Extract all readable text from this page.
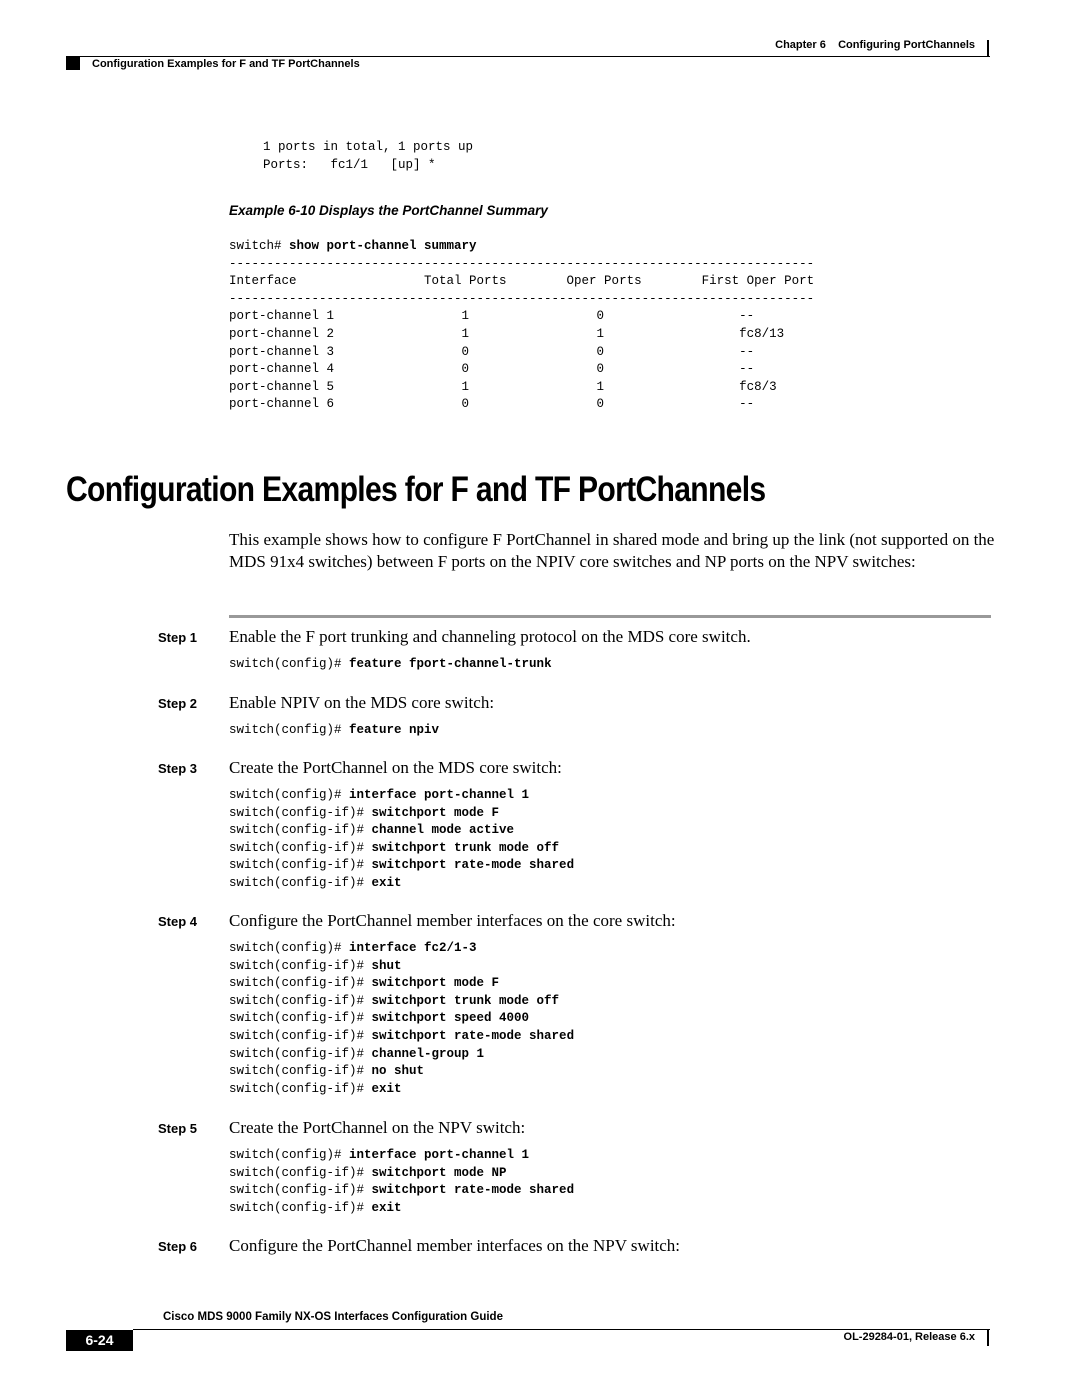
Chapter 6 Configuring PortChannels
Configuration Examples for F and TF PortChannels
1 ports in total, 1 ports up
Ports:   fc1/1   [up] *
Example 6-10 Displays the PortChannel Summary
switch# show port-channel summary
------------------------------------------------------------------------------
Interface                 Total Ports        Oper Ports        First Oper Port
------------------------------------------------------------------------------
port-channel 1                 1                 0                  --
port-channel 2                 1                 1                  fc8/13
port-channel 3                 0                 0                  --
port-channel 4                 0                 0                  --
port-channel 5                 1                 1                  fc8/3
port-channel 6                 0                 0                  --
Configuration Examples for F and TF PortChannels
This example shows how to configure F PortChannel in shared mode and bring up the link (not supported on the MDS 91x4 switches) between F ports on the NPIV core switches and NP ports on the NPV switches:
Step 1 Enable the F port trunking and channeling protocol on the MDS core switch.
switch(config)# feature fport-channel-trunk
Step 2 Enable NPIV on the MDS core switch:
switch(config)# feature npiv
Step 3 Create the PortChannel on the MDS core switch:
switch(config)# interface port-channel 1
switch(config-if)# switchport mode F
switch(config-if)# channel mode active
switch(config-if)# switchport trunk mode off
switch(config-if)# switchport rate-mode shared
switch(config-if)# exit
Step 4 Configure the PortChannel member interfaces on the core switch:
switch(config)# interface fc2/1-3
switch(config-if)# shut
switch(config-if)# switchport mode F
switch(config-if)# switchport trunk mode off
switch(config-if)# switchport speed 4000
switch(config-if)# switchport rate-mode shared
switch(config-if)# channel-group 1
switch(config-if)# no shut
switch(config-if)# exit
Step 5 Create the PortChannel on the NPV switch:
switch(config)# interface port-channel 1
switch(config-if)# switchport mode NP
switch(config-if)# switchport rate-mode shared
switch(config-if)# exit
Step 6 Configure the PortChannel member interfaces on the NPV switch:
Cisco MDS 9000 Family NX-OS Interfaces Configuration Guide
6-24	OL-29284-01, Release 6.x
